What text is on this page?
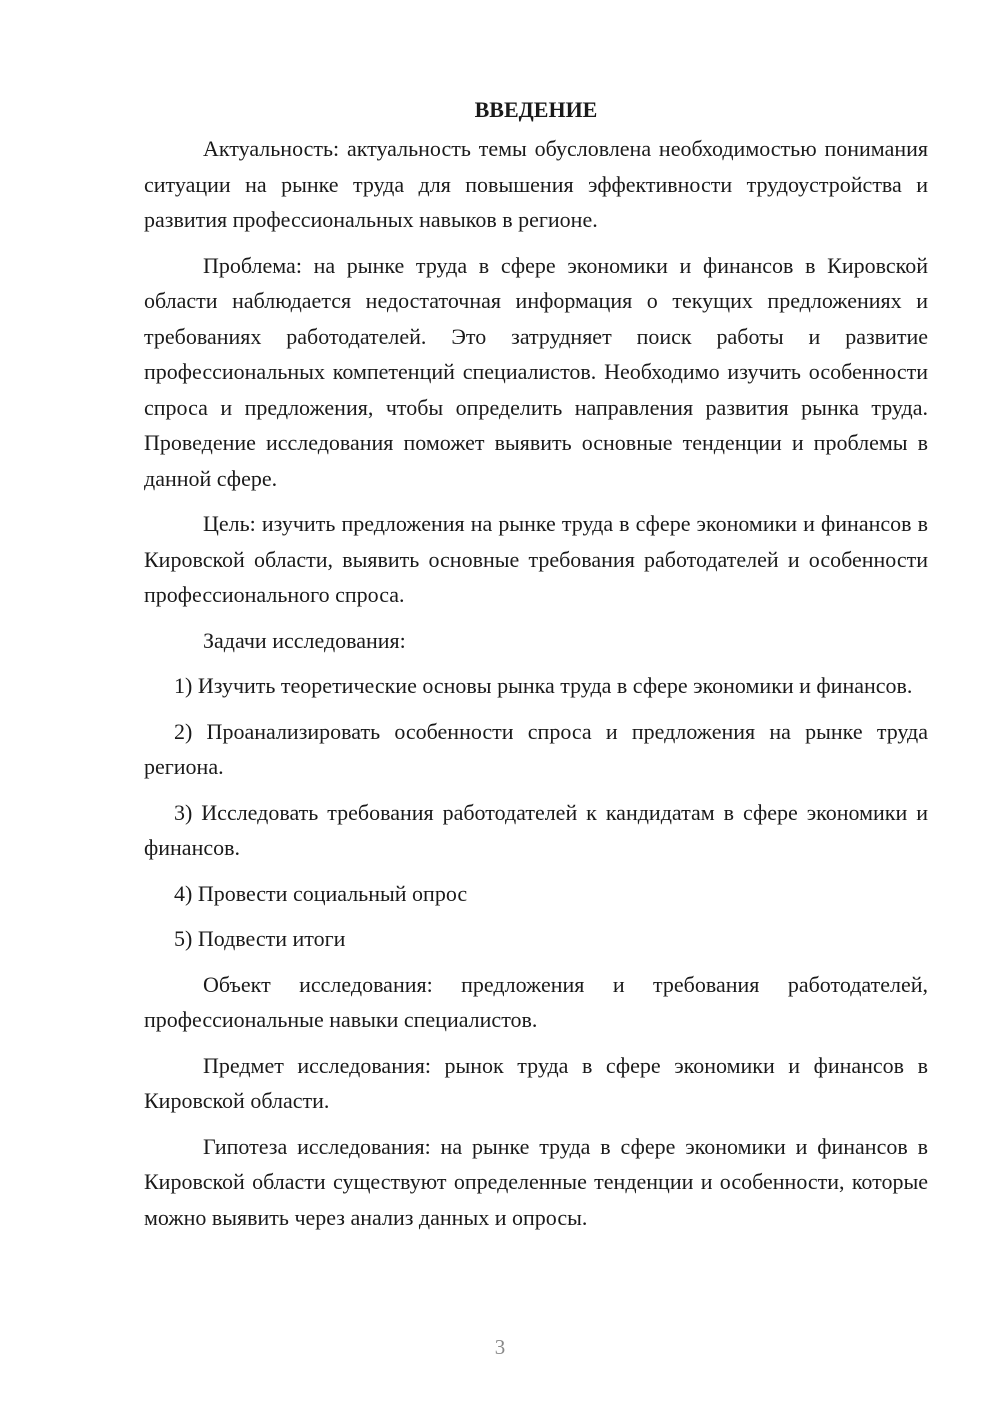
ВВЕДЕНИЕ

Актуальность: актуальность темы обусловлена необходимостью понимания ситуации на рынке труда для повышения эффективности трудоустройства и развития профессиональных навыков в регионе.

Проблема: на рынке труда в сфере экономики и финансов в Кировской области наблюдается недостаточная информация о текущих предложениях и требованиях работодателей. Это затрудняет поиск работы и развитие профессиональных компетенций специалистов. Необходимо изучить особенности спроса и предложения, чтобы определить направления развития рынка труда. Проведение исследования поможет выявить основные тенденции и проблемы в данной сфере.

Цель: изучить предложения на рынке труда в сфере экономики и финансов в Кировской области, выявить основные требования работодателей и особенности профессионального спроса.

Задачи исследования:

1) Изучить теоретические основы рынка труда в сфере экономики и финансов.

2) Проанализировать особенности спроса и предложения на рынке труда региона.

3) Исследовать требования работодателей к кандидатам в сфере экономики и финансов.

4) Провести социальный опрос

5) Подвести итоги

Объект исследования: предложения и требования работодателей, профессиональные навыки специалистов.

Предмет исследования: рынок труда в сфере экономики и финансов в Кировской области.

Гипотеза исследования: на рынке труда в сфере экономики и финансов в Кировской области существуют определенные тенденции и особенности, которые можно выявить через анализ данных и опросы.

3
